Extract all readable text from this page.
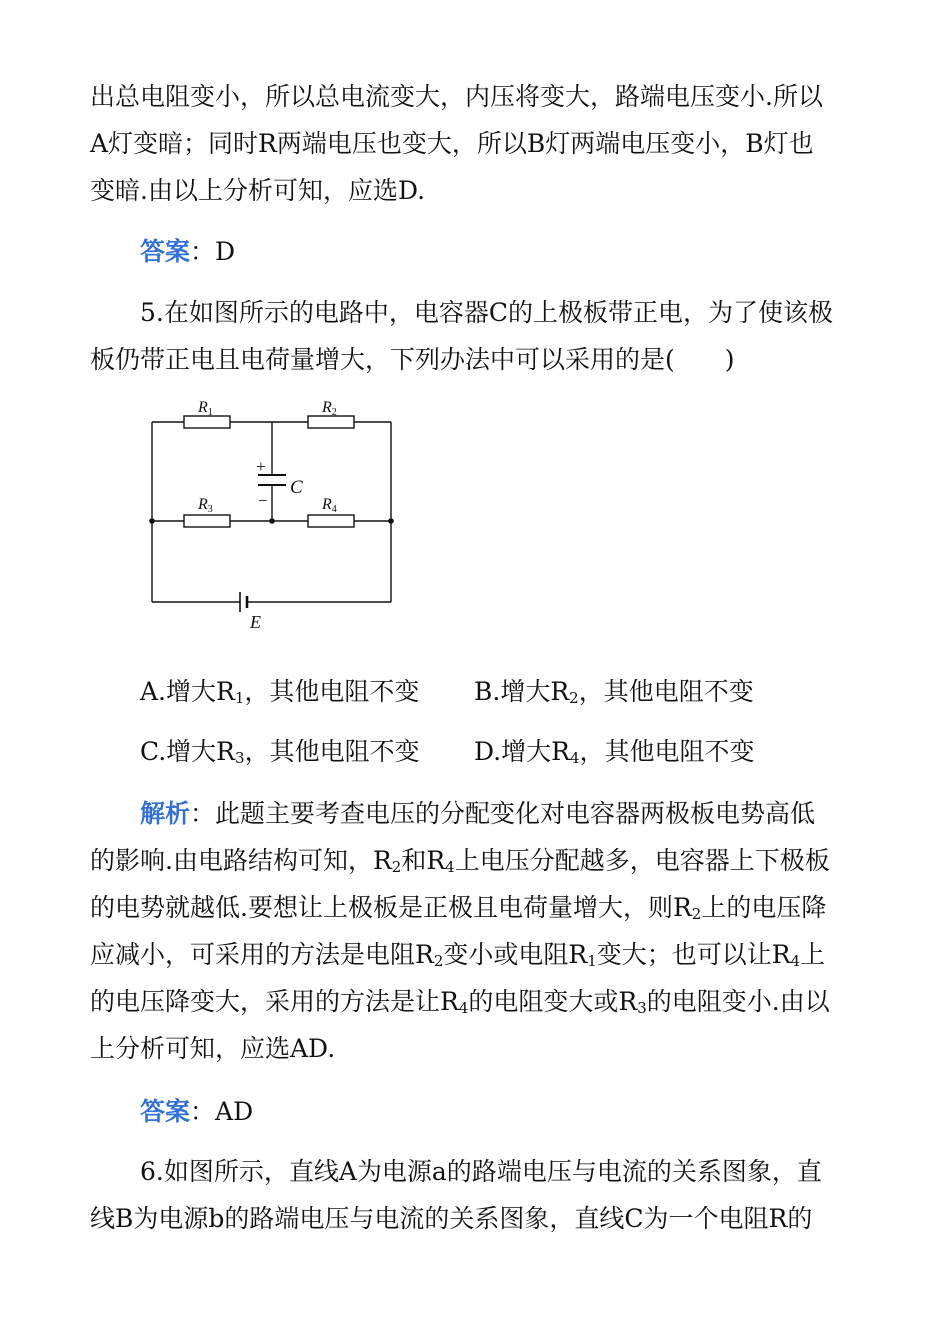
出总电阻变小，所以总电流变大，内压将变大，路端电压变小.所以
A灯变暗；同时R两端电压也变大，所以B灯两端电压变小，B灯也
变暗.由以上分析可知，应选D.
答案：D
5.在如图所示的电路中，电容器C的上极板带正电，为了使该极
板仍带正电且电荷量增大，下列办法中可以采用的是(　　)
R1	R2
R3	R4
C
+
−
E
A.增大$R_1$，其他电阻不变 B.增大$R_2$，其他电阻不变
C.增大$R_3$，其他电阻不变 D.增大$R_4$，其他电阻不变
解析：此题主要考查电压的分配变化对电容器两极板电势高低
的影响.由电路结构可知，$R_2$和$R_4$上电压分配越多，电容器上下极板
的电势就越低.要想让上极板是正极且电荷量增大，则$R_2$上的电压降
应减小，可采用的方法是电阻$R_2$变小或电阻$R_1$变大；也可以让$R_4$上
的电压降变大，采用的方法是让$R_4$的电阻变大或$R_3$的电阻变小.由以
上分析可知，应选AD.
答案：AD
6.如图所示，直线A为电源a的路端电压与电流的关系图象，直
线B为电源b的路端电压与电流的关系图象，直线C为一个电阻R的
